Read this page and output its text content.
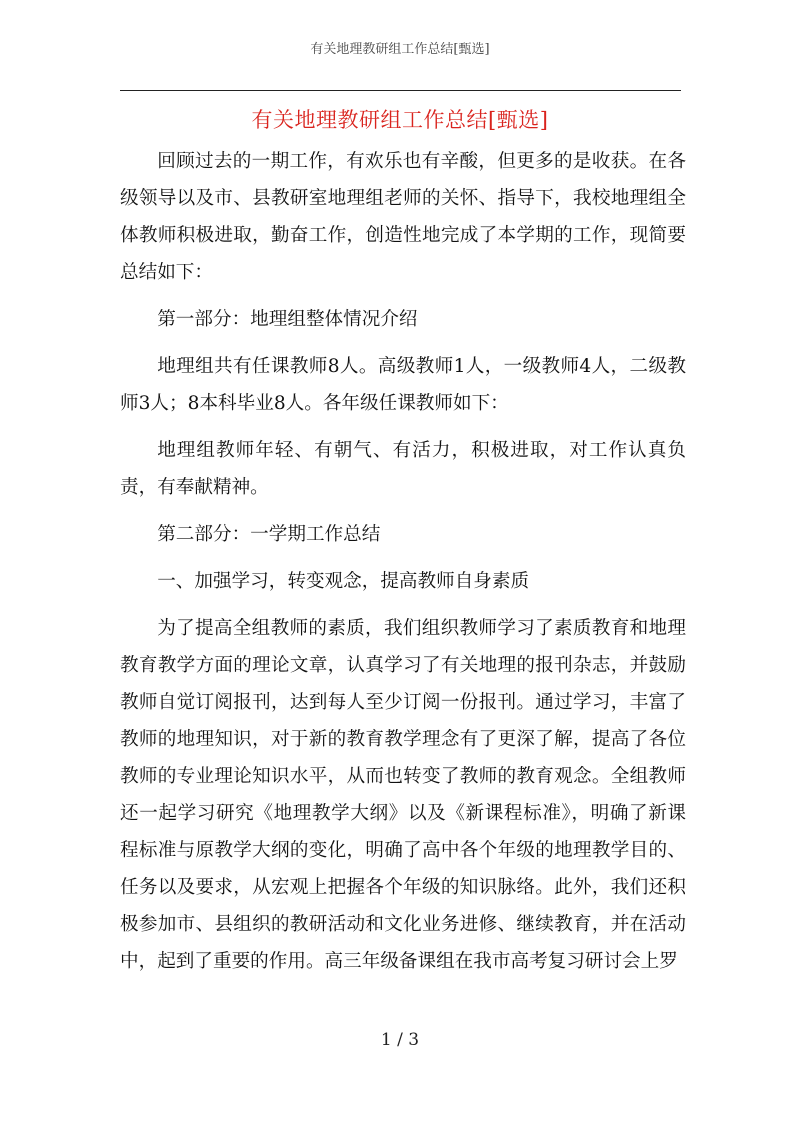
有关地理教研组工作总结[甄选]
有关地理教研组工作总结[甄选]

回顾过去的一期工作，有欢乐也有辛酸，但更多的是收获。在各级领导以及市、县教研室地理组老师的关怀、指导下，我校地理组全体教师积极进取，勤奋工作，创造性地完成了本学期的工作，现简要总结如下：

第一部分：地理组整体情况介绍

地理组共有任课教师8人。高级教师1人，一级教师4人，二级教师3人；8本科毕业8人。各年级任课教师如下：

地理组教师年轻、有朝气、有活力，积极进取，对工作认真负责，有奉献精神。

第二部分：一学期工作总结

一、加强学习，转变观念，提高教师自身素质

为了提高全组教师的素质，我们组织教师学习了素质教育和地理教育教学方面的理论文章，认真学习了有关地理的报刊杂志，并鼓励教师自觉订阅报刊，达到每人至少订阅一份报刊。通过学习，丰富了教师的地理知识，对于新的教育教学理念有了更深了解，提高了各位教师的专业理论知识水平，从而也转变了教师的教育观念。全组教师还一起学习研究《地理教学大纲》以及《新课程标准》，明确了新课程标准与原教学大纲的变化，明确了高中各个年级的地理教学目的、任务以及要求，从宏观上把握各个年级的知识脉络。此外，我们还积极参加市、县组织的教研活动和文化业务进修、继续教育，并在活动中，起到了重要的作用。高三年级备课组在我市高考复习研讨会上罗

1 / 3
